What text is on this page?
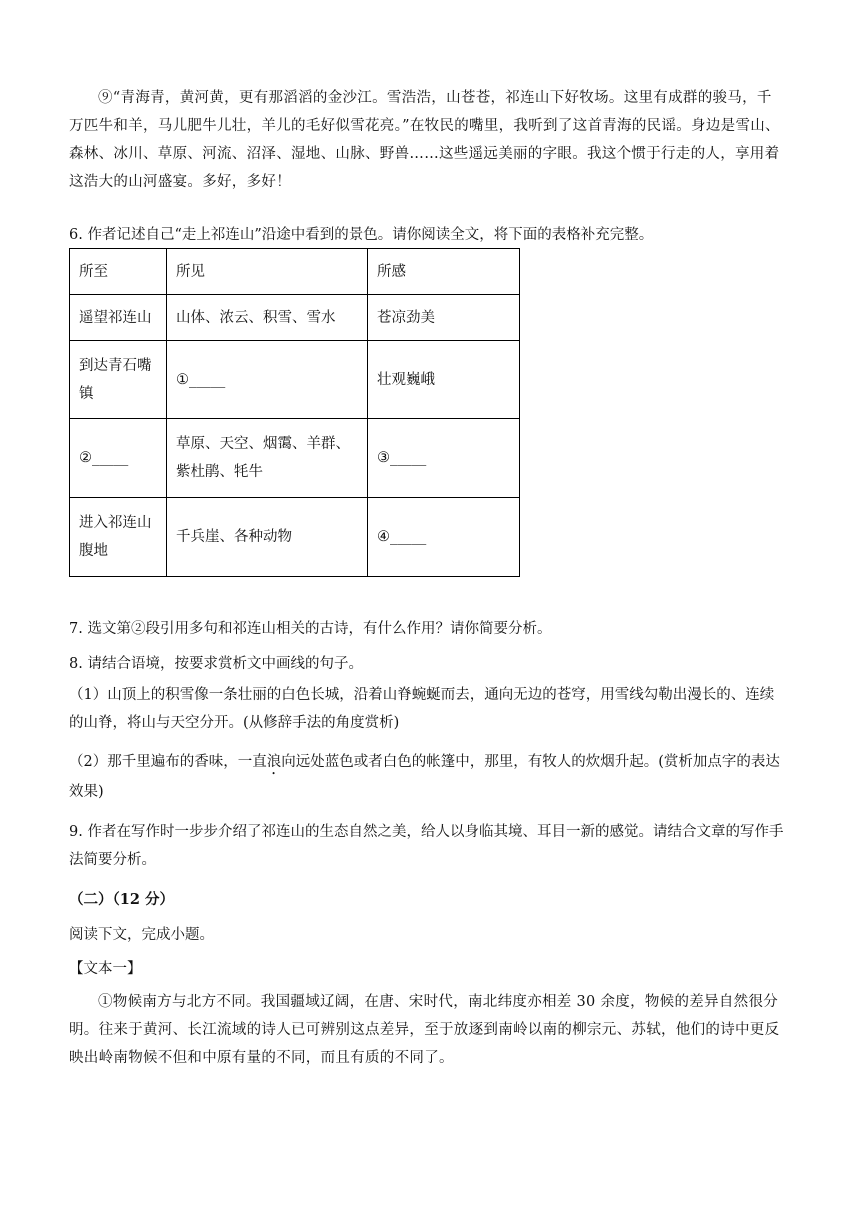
⑨“青海青，黄河黄，更有那滔滔的金沙江。雪浩浩，山苍苍，祁连山下好牧场。这里有成群的骏马，千万匹牛和羊，马儿肥牛儿壮，羊儿的毛好似雪花亮。”在牧民的嘴里，我听到了这首青海的民谣。身边是雪山、森林、冰川、草原、河流、沼泽、湿地、山脉、野兽……这些遥远美丽的字眼。我这个惯于行走的人，享用着这浩大的山河盛宴。多好，多好！

6. 作者记述自己“走上祁连山”沿途中看到的景色。请你阅读全文，将下面的表格补充完整。

所至	所见	所感
遥望祁连山	山体、浓云、积雪、雪水	苍凉劲美
到达青石嘴镇	①_____	壮观巍峨
②_____	草原、天空、烟霭、羊群、紫杜鹃、牦牛	③_____
进入祁连山腹地	千兵崖、各种动物	④_____

7. 选文第②段引用多句和祁连山相关的古诗，有什么作用？请你简要分析。

8. 请结合语境，按要求赏析文中画线的句子。

（1）山顶上的积雪像一条壮丽的白色长城，沿着山脊蜿蜒而去，通向无边的苍穹，用雪线勾勒出漫长的、连续的山脊，将山与天空分开。(从修辞手法的角度赏析)

（2）那千里遍布的香味，一直浪向远处蓝色或者白色的帐篷中，那里，有牧人的炊烟升起。(赏析加点字的表达效果)

9. 作者在写作时一步步介绍了祁连山的生态自然之美，给人以身临其境、耳目一新的感觉。请结合文章的写作手法简要分析。

（二）（12 分）

阅读下文，完成小题。

【文本一】

①物候南方与北方不同。我国疆域辽阔，在唐、宋时代，南北纬度亦相差 30 余度，物候的差异自然很分明。往来于黄河、长江流域的诗人已可辨别这点差异，至于放逐到南岭以南的柳宗元、苏轼，他们的诗中更反映出岭南物候不但和中原有量的不同，而且有质的不同了。
